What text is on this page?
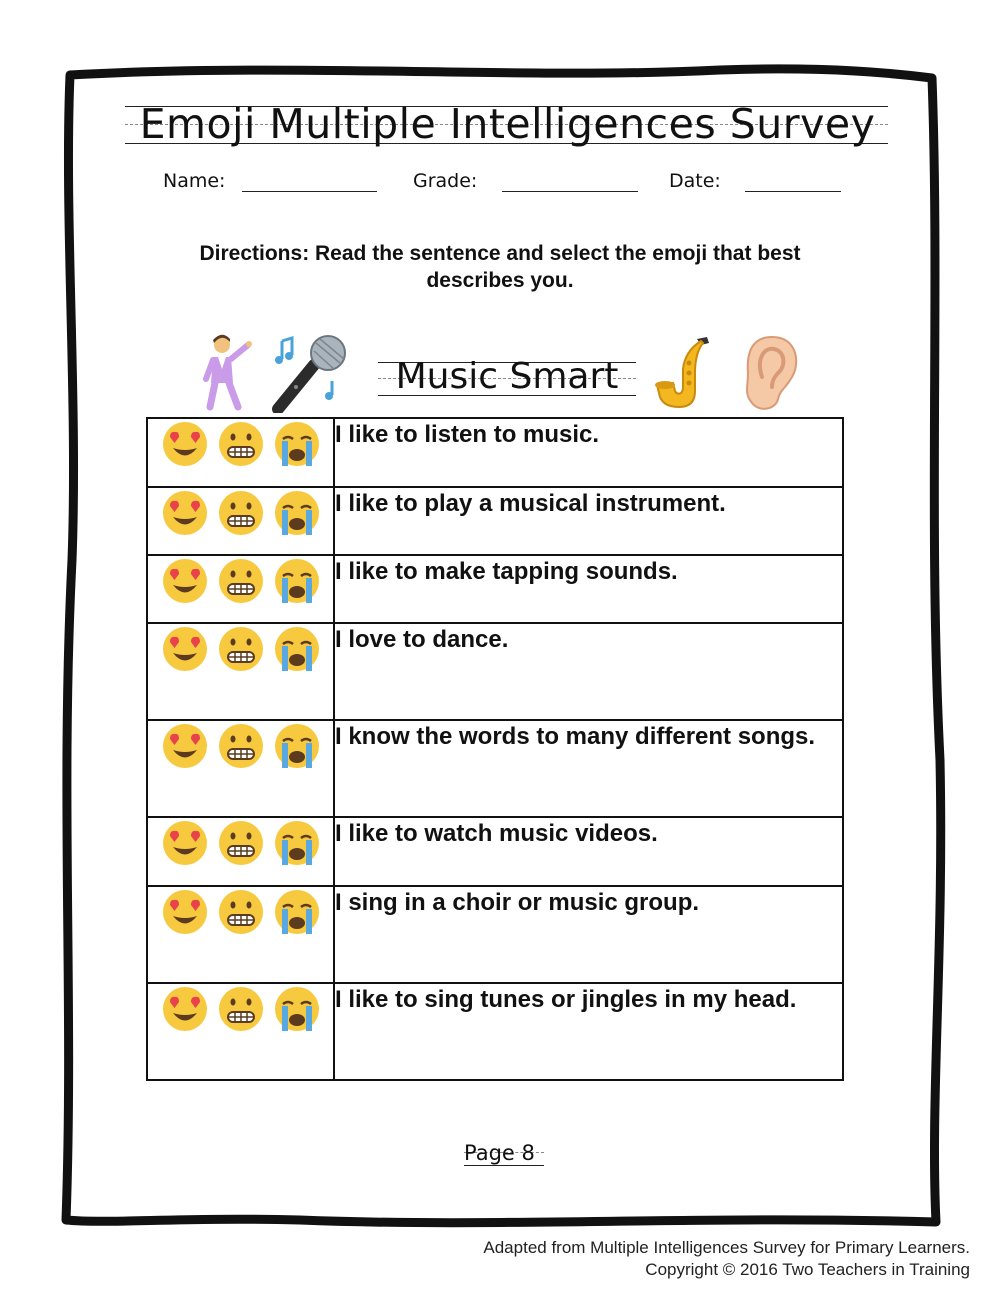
Emoji Multiple Intelligences Survey
Name:	Grade:	Date:
Directions: Read the sentence and select the emoji that best describes you.
Music Smart
	I like to listen to music.

	I like to play a musical instrument.

	I like to make tapping sounds.

	I love to dance.

	I know the words to many different songs.

	I like to watch music videos.

	I sing in a choir or music group.

	I like to sing tunes or jingles in my head.
Page 8
Adapted from Multiple Intelligences Survey for Primary Learners.
Copyright © 2016 Two Teachers in Training
